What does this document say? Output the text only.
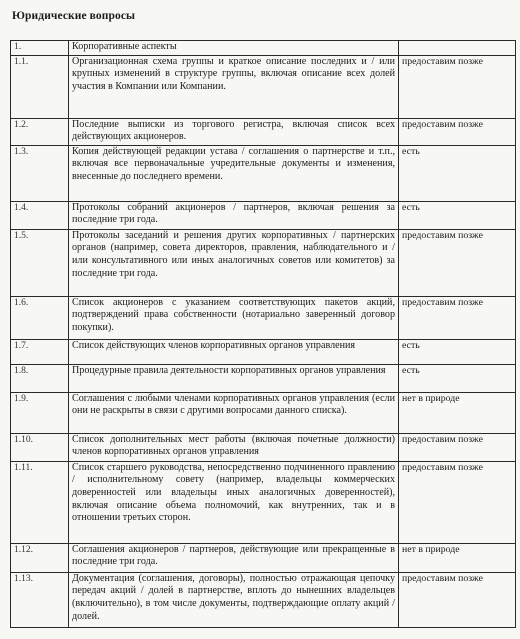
Юридические вопросы
1.	Корпоративные аспекты	
1.1.	Организационная схема группы и краткое описание последних и / или крупных изменений в структуре группы, включая описание всех долей участия в Компании или Компании.	предоставим позже
1.2.	Последние выписки из торгового регистра, включая список всех действующих акционеров.	предоставим позже
1.3.	Копия действующей редакции устава / соглашения о партнерстве и т.п., включая все первоначальные учредительные документы и изменения, внесенные до последнего времени.	есть
1.4.	Протоколы собраний акционеров / партнеров, включая решения за последние три года.	есть
1.5.	Протоколы заседаний и решения других корпоративных / партнерских органов (например, совета директоров, правления, наблюдательного и / или консультативного или иных аналогичных советов или комитетов) за последние три года.	предоставим позже
1.6.	Список акционеров с указанием соответствующих пакетов акций, подтверждений права собственности (нотариально заверенный договор покупки).	предоставим позже
1.7.	Список действующих членов корпоративных органов управления	есть
1.8.	Процедурные правила деятельности корпоративных органов управления	есть
1.9.	Соглашения с любыми членами корпоративных органов управления (если они не раскрыты в связи с другими вопросами данного списка).	нет в природе
1.10.	Список дополнительных мест работы (включая почетные должности) членов корпоративных органов управления	предоставим позже
1.11.	Список старшего руководства, непосредственно подчиненного правлению / исполнительному совету (например, владельцы коммерческих доверенностей или владельцы иных аналогичных доверенностей), включая описание объема полномочий, как внутренних, так и в отношении третьих сторон.	предоставим позже
1.12.	Соглашения акционеров / партнеров, действующие или прекращенные в последние три года.	нет в природе
1.13.	Документация (соглашения, договоры), полностью отражающая цепочку передач акций / долей в партнерстве, вплоть до нынешних владельцев (включительно), в том числе документы, подтверждающие оплату акций / долей.	предоставим позже
